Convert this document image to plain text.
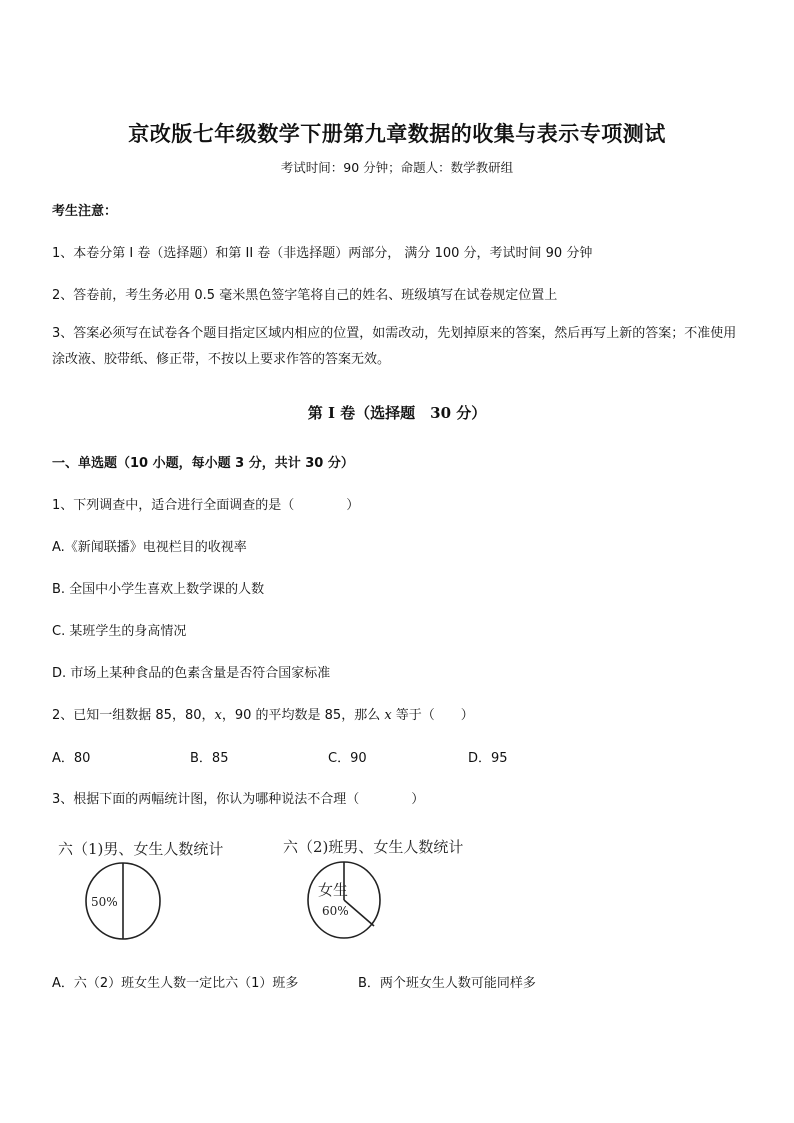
京改版七年级数学下册第九章数据的收集与表示专项测试
考试时间：90 分钟；命题人：数学教研组
考生注意：
1、本卷分第 I 卷（选择题）和第 II 卷（非选择题）两部分， 满分 100 分，考试时间 90 分钟
2、答卷前，考生务必用 0.5 毫米黑色签字笔将自己的姓名、班级填写在试卷规定位置上
3、答案必须写在试卷各个题目指定区域内相应的位置，如需改动，先划掉原来的答案，然后再写上新的答案；不准使用涂改液、胶带纸、修正带，不按以上要求作答的答案无效。
第 I 卷（选择题　30 分）
一、单选题（10 小题，每小题 3 分，共计 30 分）
1、下列调查中，适合进行全面调查的是（　　　　）
A.《新闻联播》电视栏目的收视率
B. 全国中小学生喜欢上数学课的人数
C. 某班学生的身高情况
D. 市场上某种食品的色素含量是否符合国家标准
2、已知一组数据 85，80，x，90 的平均数是 85，那么 x 等于（　　）
A．80	B．85	C．90	D．95
3、根据下面的两幅统计图，你认为哪种说法不合理（　　　　）
六（1)男、女生人数统计
50%
六（2)班男、女生人数统计
女生
60%
A．六（2）班女生人数一定比六（1）班多	B．两个班女生人数可能同样多
